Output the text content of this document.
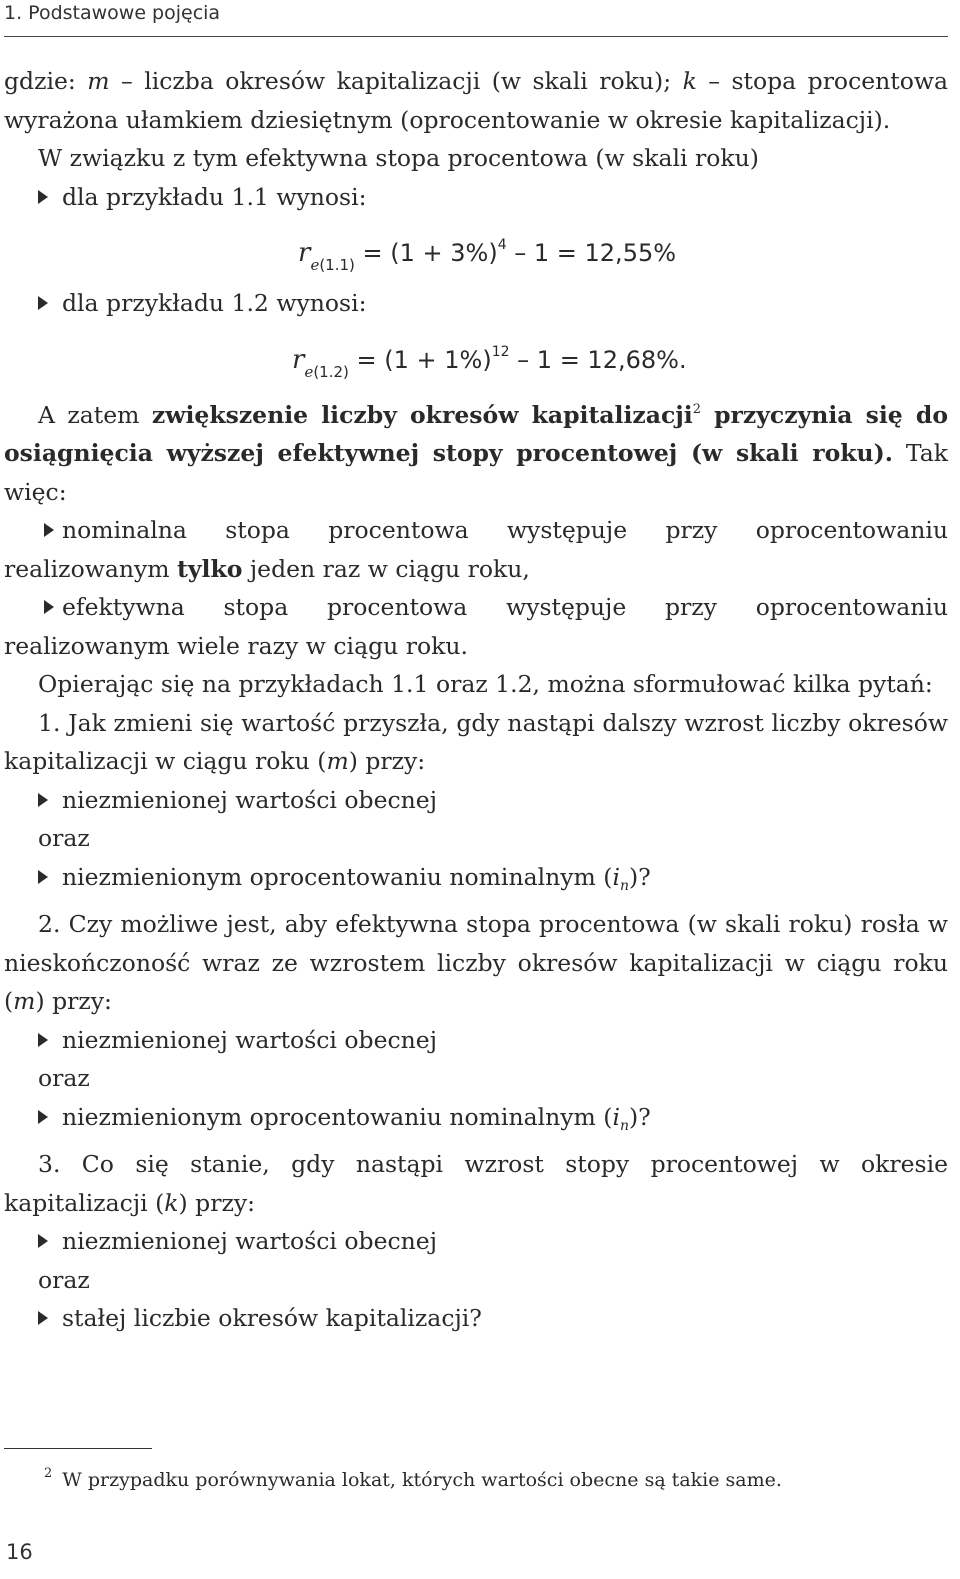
1. Podstawowe pojęcia

gdzie: m – liczba okresów kapitalizacji (w skali roku); k – stopa procentowa wyrażona ułamkiem dziesiętnym (oprocentowanie w okresie kapitalizacji).

W związku z tym efektywna stopa procentowa (w skali roku)

dla przykładu 1.1 wynosi:

$r_{e(1.1)} = (1 + 3\%)^4 - 1 = 12,55\%$

dla przykładu 1.2 wynosi:

$r_{e(1.2)} = (1 + 1\%)^{12} - 1 = 12,68\%$.

A zatem zwiększenie liczby okresów kapitalizacji$^2$ przyczynia się do osiągnięcia wyższej efektywnej stopy procentowej (w skali roku). Tak więc:

nominalna stopa procentowa występuje przy oprocentowaniu realizowanym tylko jeden raz w ciągu roku,

efektywna stopa procentowa występuje przy oprocentowaniu realizowanym wiele razy w ciągu roku.

Opierając się na przykładach 1.1 oraz 1.2, można sformułować kilka pytań:

1. Jak zmieni się wartość przyszła, gdy nastąpi dalszy wzrost liczby okresów kapitalizacji w ciągu roku (m) przy:

niezmienionej wartości obecnej

oraz

niezmienionym oprocentowaniu nominalnym $(i_n)$?

2. Czy możliwe jest, aby efektywna stopa procentowa (w skali roku) rosła w nieskończoność wraz ze wzrostem liczby okresów kapitalizacji w ciągu roku (m) przy:

niezmienionej wartości obecnej

oraz

niezmienionym oprocentowaniu nominalnym $(i_n)$?

3. Co się stanie, gdy nastąpi wzrost stopy procentowej w okresie kapitalizacji (k) przy:

niezmienionej wartości obecnej

oraz

stałej liczbie okresów kapitalizacji?

$^2$ W przypadku porównywania lokat, których wartości obecne są takie same.
16
